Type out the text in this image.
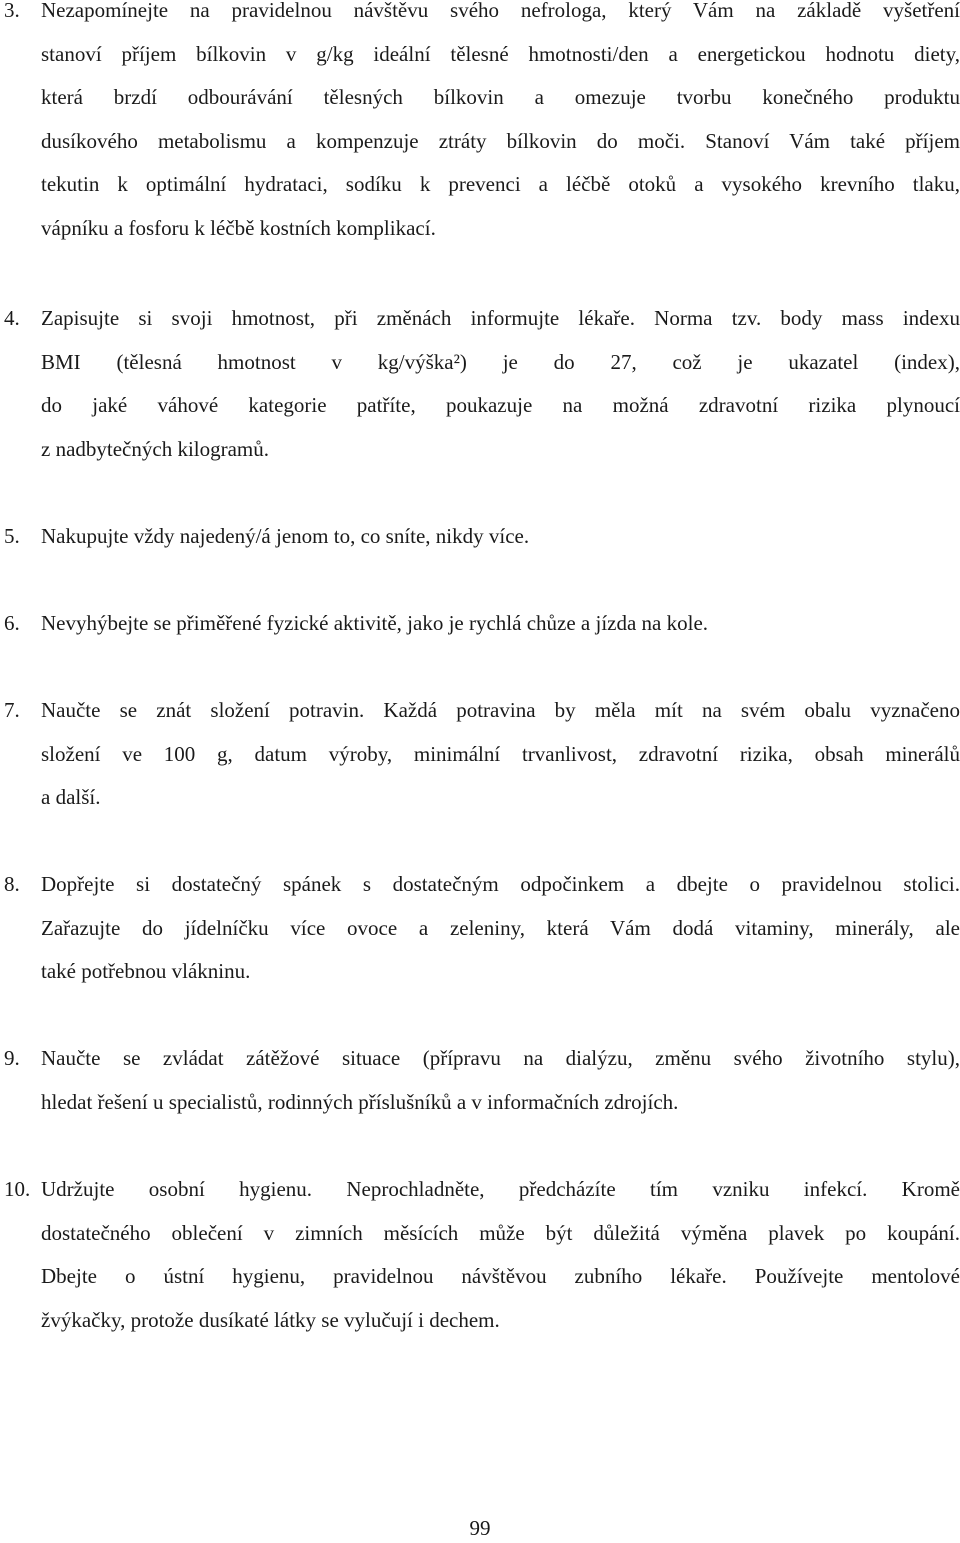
3. Nezapomínejte na pravidelnou návštěvu svého nefrologa, který Vám na základě vyšetření
stanoví příjem bílkovin v g/kg ideální tělesné hmotnosti/den a energetickou hodnotu diety,
která brzdí odbourávání tělesných bílkovin a omezuje tvorbu konečného produktu
dusíkového metabolismu a kompenzuje ztráty bílkovin do moči. Stanoví Vám také příjem
tekutin k optimální hydrataci, sodíku k prevenci a léčbě otoků a vysokého krevního tlaku,
vápníku a fosforu k léčbě kostních komplikací.
4. Zapisujte si svoji hmotnost, při změnách informujte lékaře. Norma tzv. body mass indexu
BMI (tělesná hmotnost v kg/výška²) je do 27, což je ukazatel (index),
do jaké váhové kategorie patříte, poukazuje na možná zdravotní rizika plynoucí
z nadbytečných kilogramů.
5. Nakupujte vždy najedený/á jenom to, co sníte, nikdy více.
6. Nevyhýbejte se přiměřené fyzické aktivitě, jako je rychlá chůze a jízda na kole.
7. Naučte se znát složení potravin. Každá potravina by měla mít na svém obalu vyznačeno
složení ve 100 g, datum výroby, minimální trvanlivost, zdravotní rizika, obsah minerálů
a další.
8. Dopřejte si dostatečný spánek s dostatečným odpočinkem a dbejte o pravidelnou stolici.
Zařazujte do jídelníčku více ovoce a zeleniny, která Vám dodá vitaminy, minerály, ale
také potřebnou vlákninu.
9. Naučte se zvládat zátěžové situace (přípravu na dialýzu, změnu svého životního stylu),
hledat řešení u specialistů, rodinných příslušníků a v informačních zdrojích.
10. Udržujte osobní hygienu. Neprochladněte, předcházíte tím vzniku infekcí. Kromě
dostatečného oblečení v zimních měsících může být důležitá výměna plavek po koupání.
Dbejte o ústní hygienu, pravidelnou návštěvou zubního lékaře. Používejte mentolové
žvýkačky, protože dusíkaté látky se vylučují i dechem.
99
